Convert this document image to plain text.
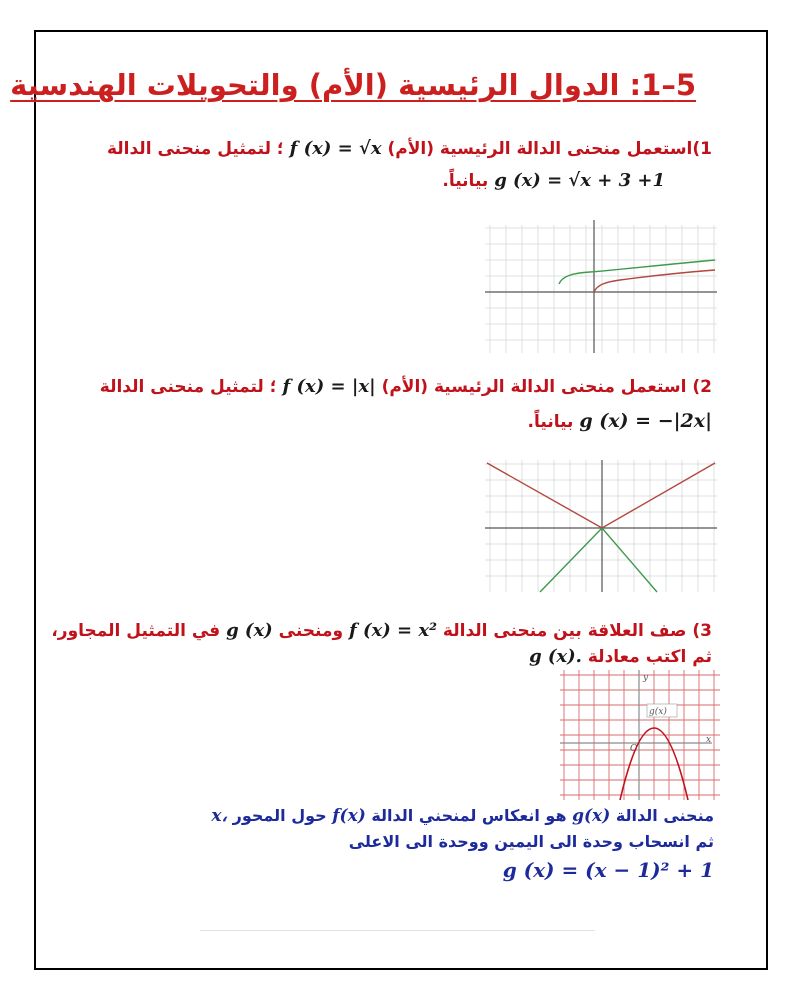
5–1: الدوال الرئيسية (الأم) والتحويلات الهندسية
1)استعمل منحنى الدالة الرئيسية (الأم) f (x) = √x ؛ لتمثيل منحنى الدالة
g (x) = √x + 3 +1 بيانياً.
2) استعمل منحنى الدالة الرئيسية (الأم) f (x) = |x| ؛ لتمثيل منحنى الدالة
g (x) = −|2x| بيانياً.
3) صف العلاقة بين منحنى الدالة f (x) = x² ومنحنى g (x) في التمثيل المجاور،
ثم اكتب معادلة g (x).
y
x
O
g(x)
منحنى الدالة g(x) هو انعكاس لمنحني الدالة f(x) حول المحور x،
ثم انسحاب وحدة الى اليمين ووحدة الى الاعلى
g (x) = (x − 1)² + 1
